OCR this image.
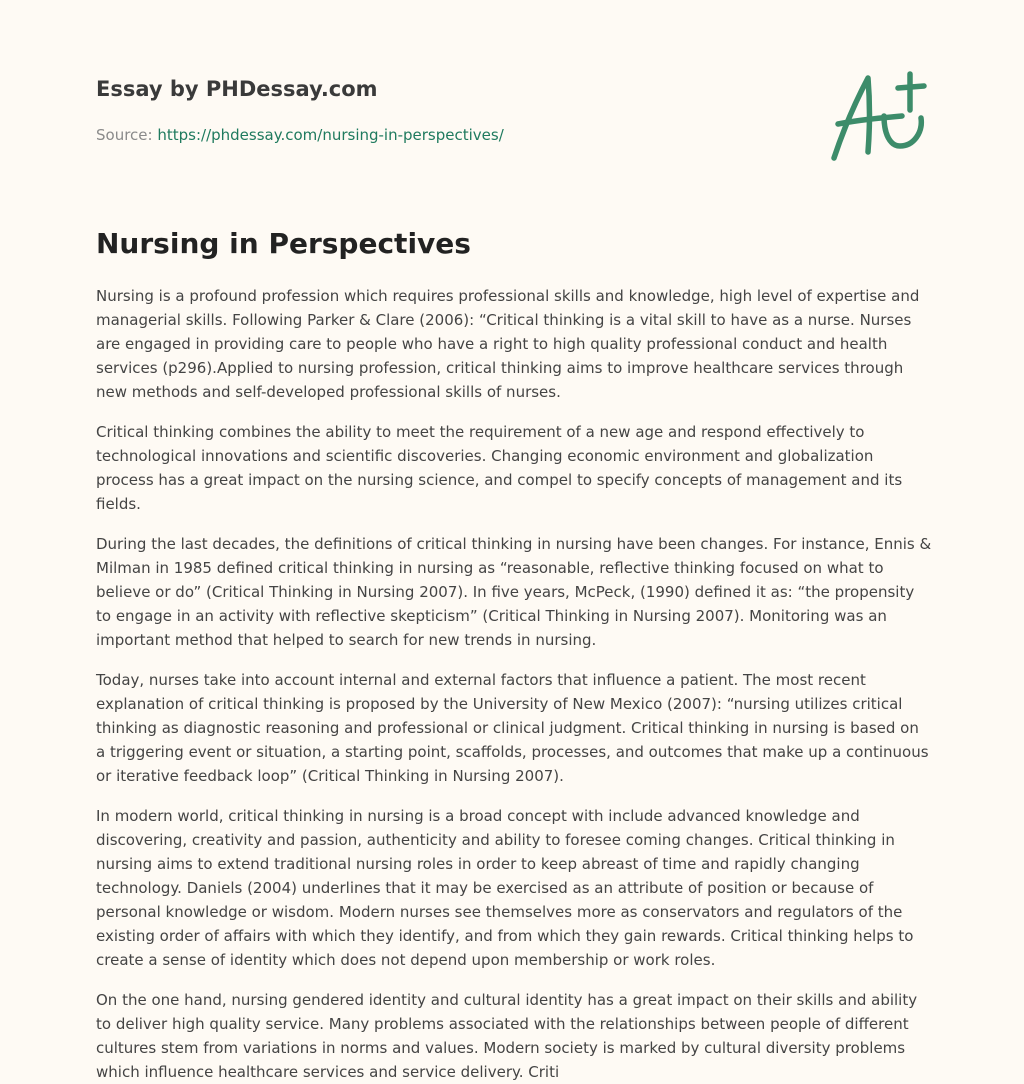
Essay by PHDessay.com

Source: https://phdessay.com/nursing-in-perspectives/

Nursing in Perspectives

Nursing is a profound profession which requires professional skills and knowledge, high level of expertise and managerial skills. Following Parker & Clare (2006): “Critical thinking is a vital skill to have as a nurse. Nurses are engaged in providing care to people who have a right to high quality professional conduct and health services (p296).Applied to nursing profession, critical thinking aims to improve healthcare services through new methods and self-developed professional skills of nurses.

Critical thinking combines the ability to meet the requirement of a new age and respond effectively to technological innovations and scientific discoveries. Changing economic environment and globalization process has a great impact on the nursing science, and compel to specify concepts of management and its fields.

During the last decades, the definitions of critical thinking in nursing have been changes. For instance, Ennis & Milman in 1985 defined critical thinking in nursing as “reasonable, reflective thinking focused on what to believe or do” (Critical Thinking in Nursing 2007). In five years, McPeck, (1990) defined it as: “the propensity to engage in an activity with reflective skepticism” (Critical Thinking in Nursing 2007). Monitoring was an important method that helped to search for new trends in nursing.

Today, nurses take into account internal and external factors that influence a patient. The most recent explanation of critical thinking is proposed by the University of New Mexico (2007): “nursing utilizes critical thinking as diagnostic reasoning and professional or clinical judgment. Critical thinking in nursing is based on a triggering event or situation, a starting point, scaffolds, processes, and outcomes that make up a continuous or iterative feedback loop” (Critical Thinking in Nursing 2007).

In modern world, critical thinking in nursing is a broad concept with include advanced knowledge and discovering, creativity and passion, authenticity and ability to foresee coming changes. Critical thinking in nursing aims to extend traditional nursing roles in order to keep abreast of time and rapidly changing technology. Daniels (2004) underlines that it may be exercised as an attribute of position or because of personal knowledge or wisdom. Modern nurses see themselves more as conservators and regulators of the existing order of affairs with which they identify, and from which they gain rewards. Critical thinking helps to create a sense of identity which does not depend upon membership or work roles.

On the one hand, nursing gendered identity and cultural identity has a great impact on their skills and ability to deliver high quality service. Many problems associated with the relationships between people of different cultures stem from variations in norms and values. Modern society is marked by cultural diversity problems which influence healthcare services and service delivery. Criti
